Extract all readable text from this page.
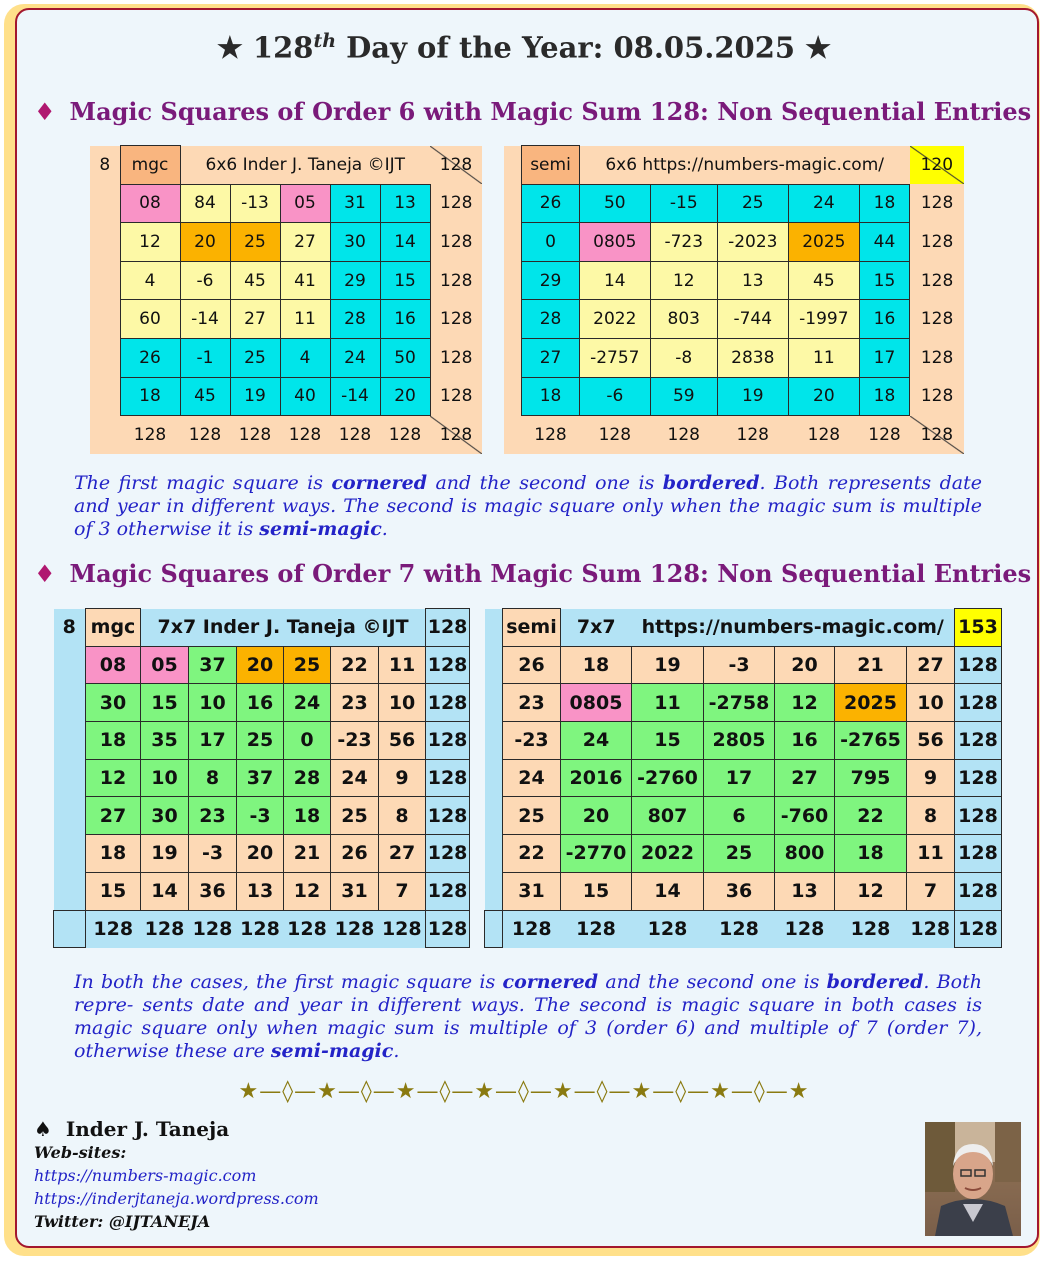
★ 128th Day of the Year: 08.05.2025 ★
♦ Magic Squares of Order 6 with Magic Sum 128: Non Sequential Entries
8	mgc	6x6 Inder J. Taneja ©IJT					128
	08	84	-13	05	31	13	128
	12	20	25	27	30	14	128
	4	-6	45	41	29	15	128
	60	-14	27	11	28	16	128
	26	-1	25	4	24	50	128
	18	45	19	40	-14	20	128
	128	128	128	128	128	128	128
	semi	6x6 https://numbers-magic.com/					120
	26	50	-15	25	24	18	128
	0	0805	-723	-2023	2025	44	128
	29	14	12	13	45	15	128
	28	2022	803	-744	-1997	16	128
	27	-2757	-8	2838	11	17	128
	18	-6	59	19	20	18	128
	128	128	128	128	128	128	128
The first magic square is cornered and the second one is bordered. Both represents date and year in different ways. The second is magic square only when the magic sum is multiple of 3 otherwise it is semi-magic.
♦ Magic Squares of Order 7 with Magic Sum 128: Non Sequential Entries
8	mgc	7x7 Inder J. Taneja ©IJT						128
	08	05	37	20	25	22	11	128
	30	15	10	16	24	23	10	128
	18	35	17	25	0	-23	56	128
	12	10	8	37	28	24	9	128
	27	30	23	-3	18	25	8	128
	18	19	-3	20	21	26	27	128
	15	14	36	13	12	31	7	128
	128	128	128	128	128	128	128	128
	semi	7x7	https://numbers-magic.com/					153
	26	18	19	-3	20	21	27	128
	23	0805	11	-2758	12	2025	10	128
	-23	24	15	2805	16	-2765	56	128
	24	2016	-2760	17	27	795	9	128
	25	20	807	6	-760	22	8	128
	22	-2770	2022	25	800	18	11	128
	31	15	14	36	13	12	7	128
	128	128	128	128	128	128	128	128
In both the cases, the first magic square is cornered and the second one is bordered. Both repre- sents date and year in different ways. The second is magic square in both cases is magic square only when magic sum is multiple of 3 (order 6) and multiple of 7 (order 7), otherwise these are semi-magic.
★—◊—★—◊—★—◊—★—◊—★—◊—★—◊—★—◊—★
♠ Inder J. Taneja
Web-sites:
https://numbers-magic.com
https://inderjtaneja.wordpress.com
Twitter: @IJTANEJA
